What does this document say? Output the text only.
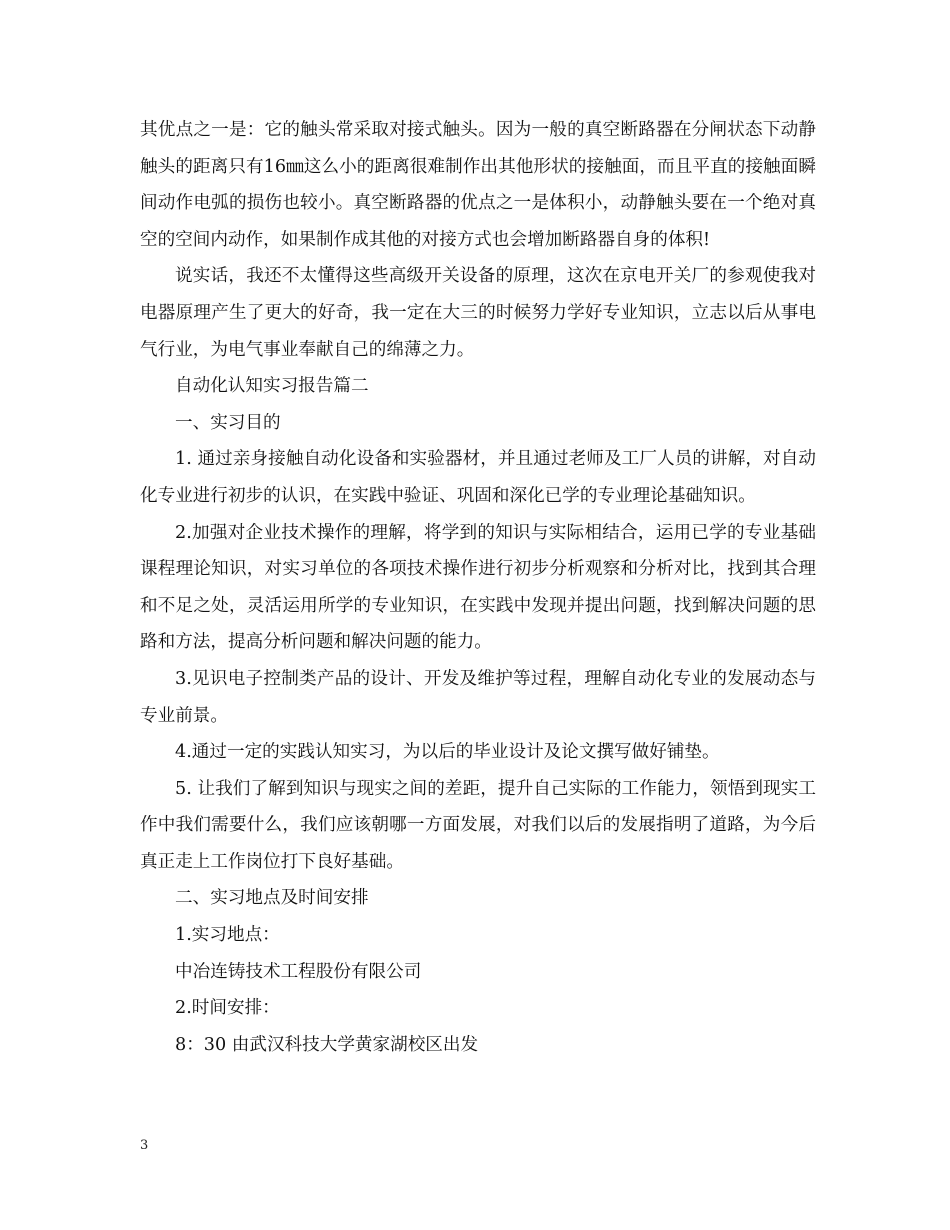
其优点之一是：它的触头常采取对接式触头。因为一般的真空断路器在分闸状态下动静触头的距离只有16㎜这么小的距离很难制作出其他形状的接触面，而且平直的接触面瞬间动作电弧的损伤也较小。真空断路器的优点之一是体积小，动静触头要在一个绝对真空的空间内动作，如果制作成其他的对接方式也会增加断路器自身的体积!

说实话，我还不太懂得这些高级开关设备的原理，这次在京电开关厂的参观使我对电器原理产生了更大的好奇，我一定在大三的时候努力学好专业知识，立志以后从事电气行业，为电气事业奉献自己的绵薄之力。

自动化认知实习报告篇二

一、实习目的

1. 通过亲身接触自动化设备和实验器材，并且通过老师及工厂人员的讲解，对自动化专业进行初步的认识，在实践中验证、巩固和深化已学的专业理论基础知识。

2.加强对企业技术操作的理解，将学到的知识与实际相结合，运用已学的专业基础课程理论知识，对实习单位的各项技术操作进行初步分析观察和分析对比，找到其合理和不足之处，灵活运用所学的专业知识，在实践中发现并提出问题，找到解决问题的思路和方法，提高分析问题和解决问题的能力。

3.见识电子控制类产品的设计、开发及维护等过程，理解自动化专业的发展动态与专业前景。

4.通过一定的实践认知实习，为以后的毕业设计及论文撰写做好铺垫。

5. 让我们了解到知识与现实之间的差距，提升自己实际的工作能力，领悟到现实工作中我们需要什么，我们应该朝哪一方面发展，对我们以后的发展指明了道路，为今后真正走上工作岗位打下良好基础。

二、实习地点及时间安排

1.实习地点：

中冶连铸技术工程股份有限公司

2.时间安排：

8：30 由武汉科技大学黄家湖校区出发

3
